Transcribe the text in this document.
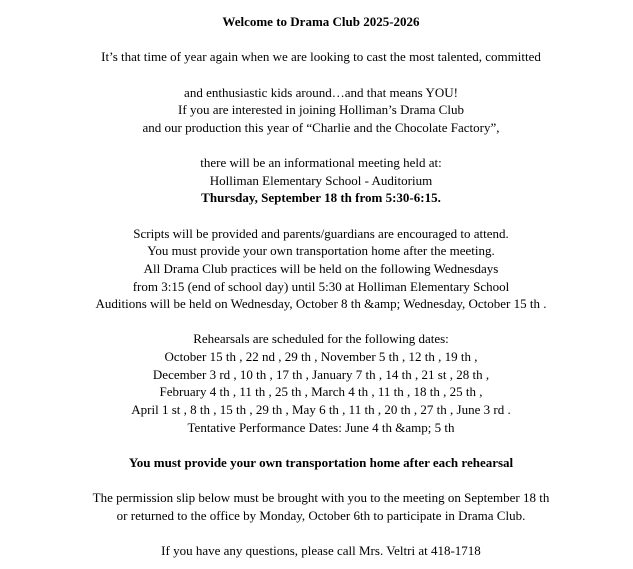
Welcome to Drama Club 2025-2026
It’s that time of year again when we are looking to cast the most talented, committed
and enthusiastic kids around…and that means YOU!
If you are interested in joining Holliman’s Drama Club
and our production this year of “Charlie and the Chocolate Factory”,
there will be an informational meeting held at:
Holliman Elementary School - Auditorium
Thursday, September 18 th from 5:30-6:15.
Scripts will be provided and parents/guardians are encouraged to attend.
You must provide your own transportation home after the meeting.
All Drama Club practices will be held on the following Wednesdays
from 3:15 (end of school day) until 5:30 at Holliman Elementary School
Auditions will be held on Wednesday, October 8 th &amp; Wednesday, October 15 th .
Rehearsals are scheduled for the following dates:
October 15 th , 22 nd , 29 th , November 5 th , 12 th , 19 th ,
December 3 rd , 10 th , 17 th , January 7 th , 14 th , 21 st , 28 th ,
February 4 th , 11 th , 25 th , March 4 th , 11 th , 18 th , 25 th ,
April 1 st , 8 th , 15 th , 29 th , May 6 th , 11 th , 20 th , 27 th , June 3 rd .
Tentative Performance Dates: June 4 th &amp; 5 th
You must provide your own transportation home after each rehearsal
The permission slip below must be brought with you to the meeting on September 18 th
or returned to the office by Monday, October 6th to participate in Drama Club.
If you have any questions, please call Mrs. Veltri at 418-1718
